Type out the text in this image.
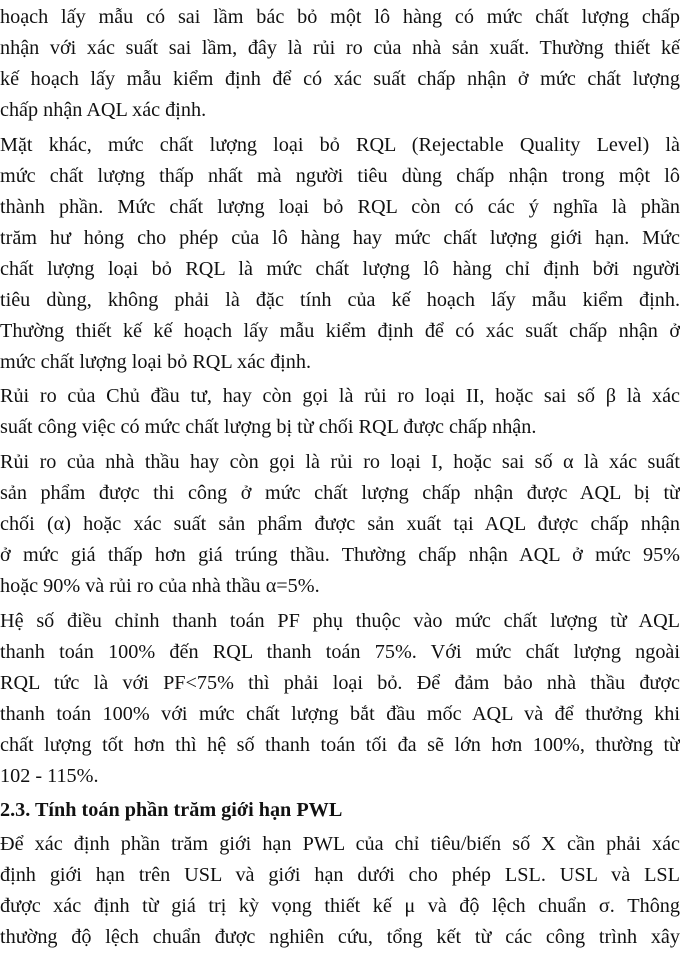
hoạch lấy mẫu có sai lầm bác bỏ một lô hàng có mức chất lượng chấp
nhận với xác suất sai lầm, đây là rủi ro của nhà sản xuất. Thường thiết kế
kế hoạch lấy mẫu kiểm định để có xác suất chấp nhận ở mức chất lượng
chấp nhận AQL xác định.
Mặt khác, mức chất lượng loại bỏ RQL (Rejectable Quality Level) là
mức chất lượng thấp nhất mà người tiêu dùng chấp nhận trong một lô
thành phần. Mức chất lượng loại bỏ RQL còn có các ý nghĩa là phần
trăm hư hỏng cho phép của lô hàng hay mức chất lượng giới hạn. Mức
chất lượng loại bỏ RQL là mức chất lượng lô hàng chỉ định bởi người
tiêu dùng, không phải là đặc tính của kế hoạch lấy mẫu kiểm định.
Thường thiết kế kế hoạch lấy mẫu kiểm định để có xác suất chấp nhận ở
mức chất lượng loại bỏ RQL xác định.
Rủi ro của Chủ đầu tư, hay còn gọi là rủi ro loại II, hoặc sai số β là xác
suất công việc có mức chất lượng bị từ chối RQL được chấp nhận.
Rủi ro của nhà thầu hay còn gọi là rủi ro loại I, hoặc sai số α là xác suất
sản phẩm được thi công ở mức chất lượng chấp nhận được AQL bị từ
chối (α) hoặc xác suất sản phẩm được sản xuất tại AQL được chấp nhận
ở mức giá thấp hơn giá trúng thầu. Thường chấp nhận AQL ở mức 95%
hoặc 90% và rủi ro của nhà thầu α=5%.
Hệ số điều chỉnh thanh toán PF phụ thuộc vào mức chất lượng từ AQL
thanh toán 100% đến RQL thanh toán 75%. Với mức chất lượng ngoài
RQL tức là với PF<75% thì phải loại bỏ. Để đảm bảo nhà thầu được
thanh toán 100% với mức chất lượng bắt đầu mốc AQL và để thưởng khi
chất lượng tốt hơn thì hệ số thanh toán tối đa sẽ lớn hơn 100%, thường từ
102 - 115%.
2.3. Tính toán phần trăm giới hạn PWL
Để xác định phần trăm giới hạn PWL của chỉ tiêu/biến số X cần phải xác
định giới hạn trên USL và giới hạn dưới cho phép LSL. USL và LSL
được xác định từ giá trị kỳ vọng thiết kế μ và độ lệch chuẩn σ. Thông
thường độ lệch chuẩn được nghiên cứu, tổng kết từ các công trình xây
